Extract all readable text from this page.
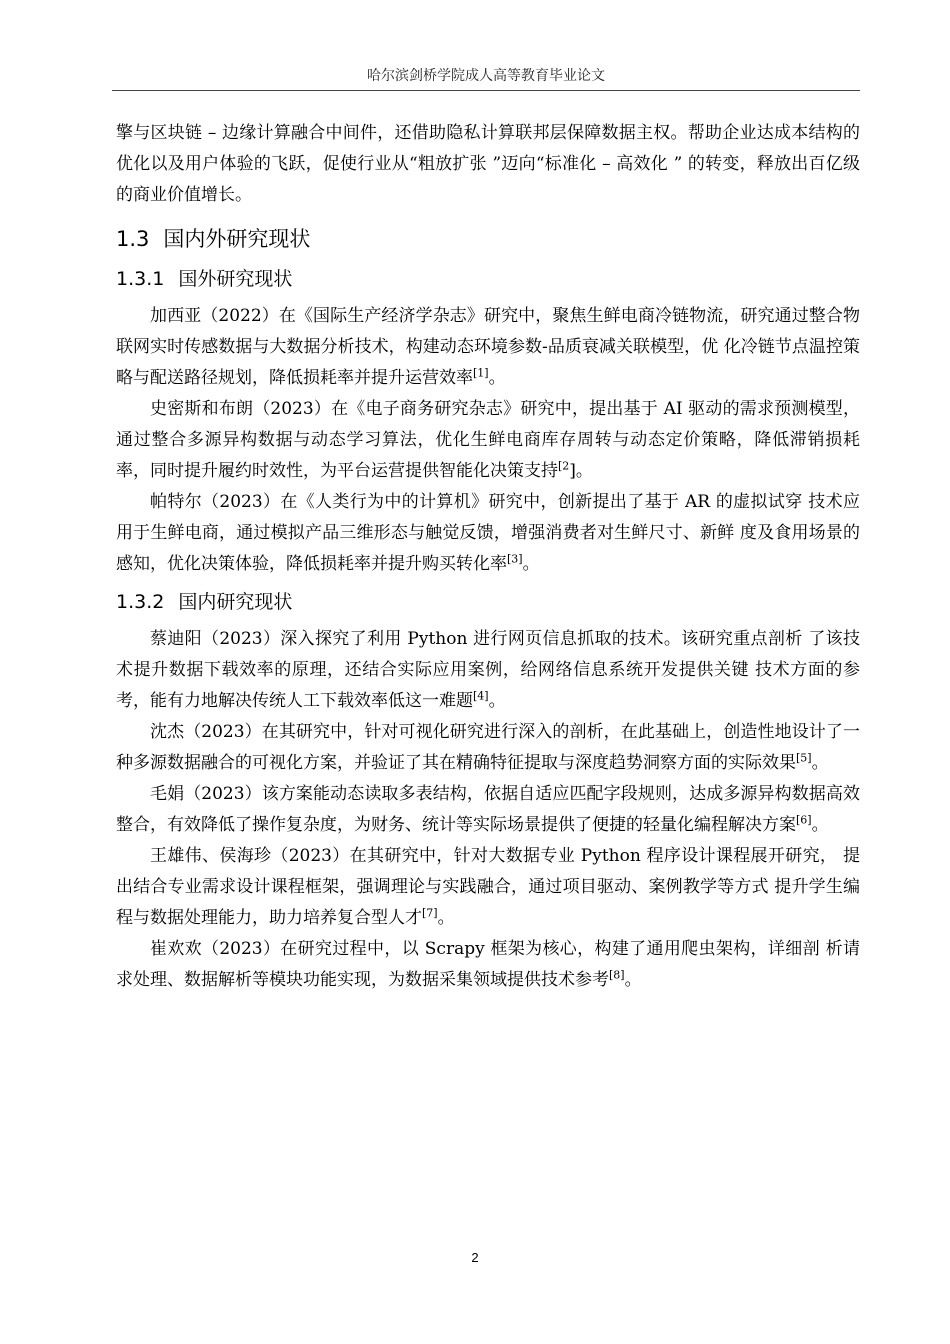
哈尔滨剑桥学院成人高等教育毕业论文

擎与区块链 – 边缘计算融合中间件，还借助隐私计算联邦层保障数据主权。帮助企业达成本结构的优化以及用户体验的飞跃，促使行业从“粗放扩张 ”迈向“标准化 – 高效化 ” 的转变，释放出百亿级的商业价值增长。

1.3 国内外研究现状
1.3.1 国外研究现状

加西亚（2022）在《国际生产经济学杂志》研究中，聚焦生鲜电商冷链物流，研究通过整合物联网实时传感数据与大数据分析技术，构建动态环境参数-品质衰减关联模型，优 化冷链节点温控策略与配送路径规划，降低损耗率并提升运营效率[1]。

史密斯和布朗（2023）在《电子商务研究杂志》研究中，提出基于 AI 驱动的需求预测模型，通过整合多源异构数据与动态学习算法，优化生鲜电商库存周转与动态定价策略，降低滞销损耗率，同时提升履约时效性，为平台运营提供智能化决策支持$^{[2}$]。

帕特尔（2023）在《人类行为中的计算机》研究中，创新提出了基于 AR 的虚拟试穿 技术应用于生鲜电商，通过模拟产品三维形态与触觉反馈，增强消费者对生鲜尺寸、新鲜 度及食用场景的感知，优化决策体验，降低损耗率并提升购买转化率[3]。

1.3.2 国内研究现状

蔡迪阳（2023）深入探究了利用 Python 进行网页信息抓取的技术。该研究重点剖析 了该技术提升数据下载效率的原理，还结合实际应用案例，给网络信息系统开发提供关键 技术方面的参考，能有力地解决传统人工下载效率低这一难题[4]。

沈杰（2023）在其研究中，针对可视化研究进行深入的剖析，在此基础上，创造性地设计了一种多源数据融合的可视化方案，并验证了其在精确特征提取与深度趋势洞察方面的实际效果[5]。

毛娟（2023）该方案能动态读取多表结构，依据自适应匹配字段规则，达成多源异构数据高效整合，有效降低了操作复杂度，为财务、统计等实际场景提供了便捷的轻量化编程解决方案[6]。

王雄伟、侯海珍（2023）在其研究中，针对大数据专业 Python 程序设计课程展开研究， 提出结合专业需求设计课程框架，强调理论与实践融合，通过项目驱动、案例教学等方式 提升学生编程与数据处理能力，助力培养复合型人才[7]。

崔欢欢（2023）在研究过程中，以 Scrapy 框架为核心，构建了通用爬虫架构，详细剖 析请求处理、数据解析等模块功能实现，为数据采集领域提供技术参考[8]。

2
